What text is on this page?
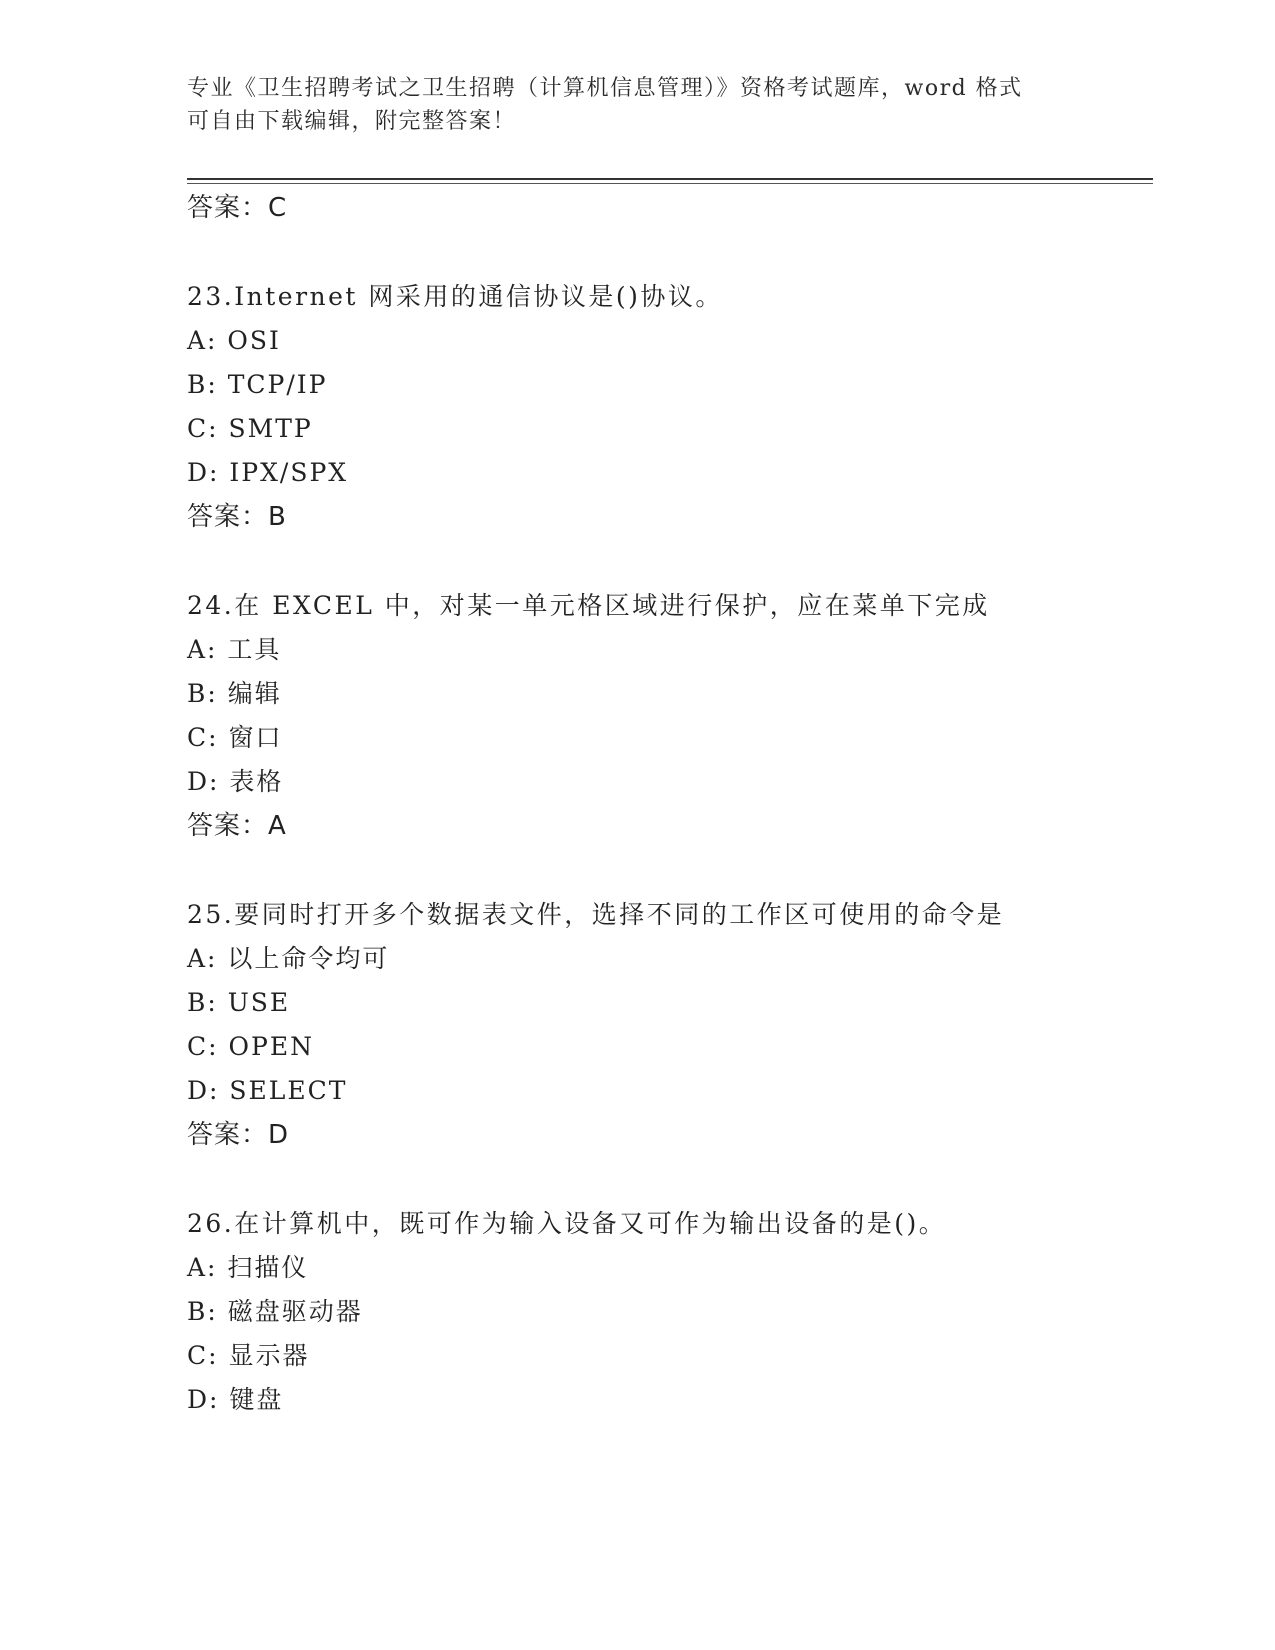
专业《卫生招聘考试之卫生招聘（计算机信息管理）》资格考试题库，word 格式
可自由下载编辑，附完整答案！
答案：C
23.Internet 网采用的通信协议是()协议。
A: OSI
B: TCP/IP
C: SMTP
D: IPX/SPX
答案：B
24.在 EXCEL 中，对某一单元格区域进行保护，应在菜单下完成
A: 工具
B: 编辑
C: 窗口
D: 表格
答案：A
25.要同时打开多个数据表文件，选择不同的工作区可使用的命令是
A: 以上命令均可
B: USE
C: OPEN
D: SELECT
答案：D
26.在计算机中，既可作为输入设备又可作为输出设备的是()。
A: 扫描仪
B: 磁盘驱动器
C: 显示器
D: 键盘
